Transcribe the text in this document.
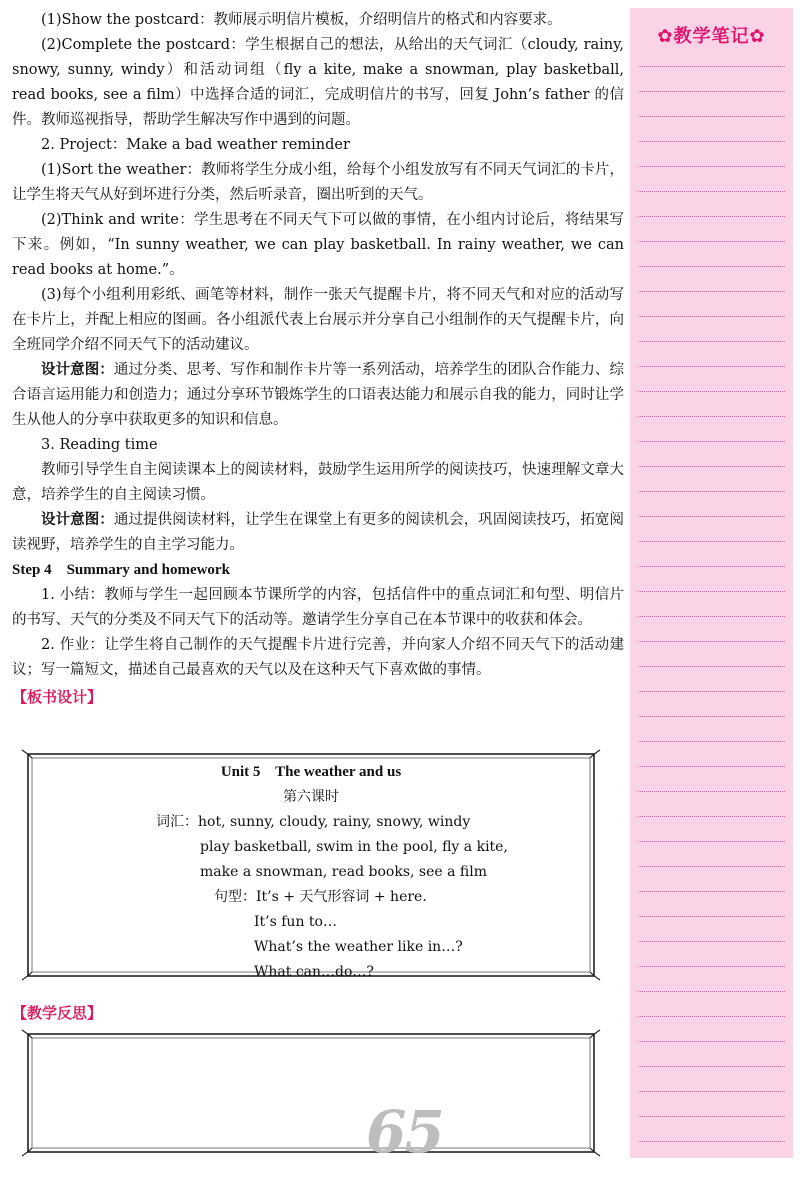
(1)Show the postcard：教师展示明信片模板，介绍明信片的格式和内容要求。

(2)Complete the postcard：学生根据自己的想法，从给出的天气词汇（cloudy, rainy, snowy, sunny, windy）和活动词组（fly a kite, make a snowman, play basketball, read books, see a film）中选择合适的词汇，完成明信片的书写，回复 John’s father 的信件。教师巡视指导，帮助学生解决写作中遇到的问题。

2. Project：Make a bad weather reminder

(1)Sort the weather：教师将学生分成小组，给每个小组发放写有不同天气词汇的卡片，让学生将天气从好到坏进行分类，然后听录音，圈出听到的天气。

(2)Think and write：学生思考在不同天气下可以做的事情，在小组内讨论后，将结果写下来。例如，“In sunny weather, we can play basketball. In rainy weather, we can read books at home.”。

(3)每个小组利用彩纸、画笔等材料，制作一张天气提醒卡片，将不同天气和对应的活动写在卡片上，并配上相应的图画。各小组派代表上台展示并分享自己小组制作的天气提醒卡片，向全班同学介绍不同天气下的活动建议。

设计意图：通过分类、思考、写作和制作卡片等一系列活动，培养学生的团队合作能力、综合语言运用能力和创造力；通过分享环节锻炼学生的口语表达能力和展示自我的能力，同时让学生从他人的分享中获取更多的知识和信息。

3. Reading time

教师引导学生自主阅读课本上的阅读材料，鼓励学生运用所学的阅读技巧，快速理解文章大意，培养学生的自主阅读习惯。

设计意图：通过提供阅读材料，让学生在课堂上有更多的阅读机会，巩固阅读技巧，拓宽阅读视野，培养学生的自主学习能力。

Step 4    Summary and homework

1. 小结：教师与学生一起回顾本节课所学的内容，包括信件中的重点词汇和句型、明信片的书写、天气的分类及不同天气下的活动等。邀请学生分享自己在本节课中的收获和体会。

2. 作业：让学生将自己制作的天气提醒卡片进行完善，并向家人介绍不同天气下的活动建议；写一篇短文，描述自己最喜欢的天气以及在这种天气下喜欢做的事情。

【板书设计】
Unit 5    The weather and us
第六课时
词汇：hot, sunny, cloudy, rainy, snowy, windy
play basketball, swim in the pool, fly a kite,
make a snowman, read books, see a film
句型：It’s + 天气形容词 + here.
It’s fun to…
What’s the weather like in…?
What can…do…?
【教学反思】
65
✿教学笔记✿
